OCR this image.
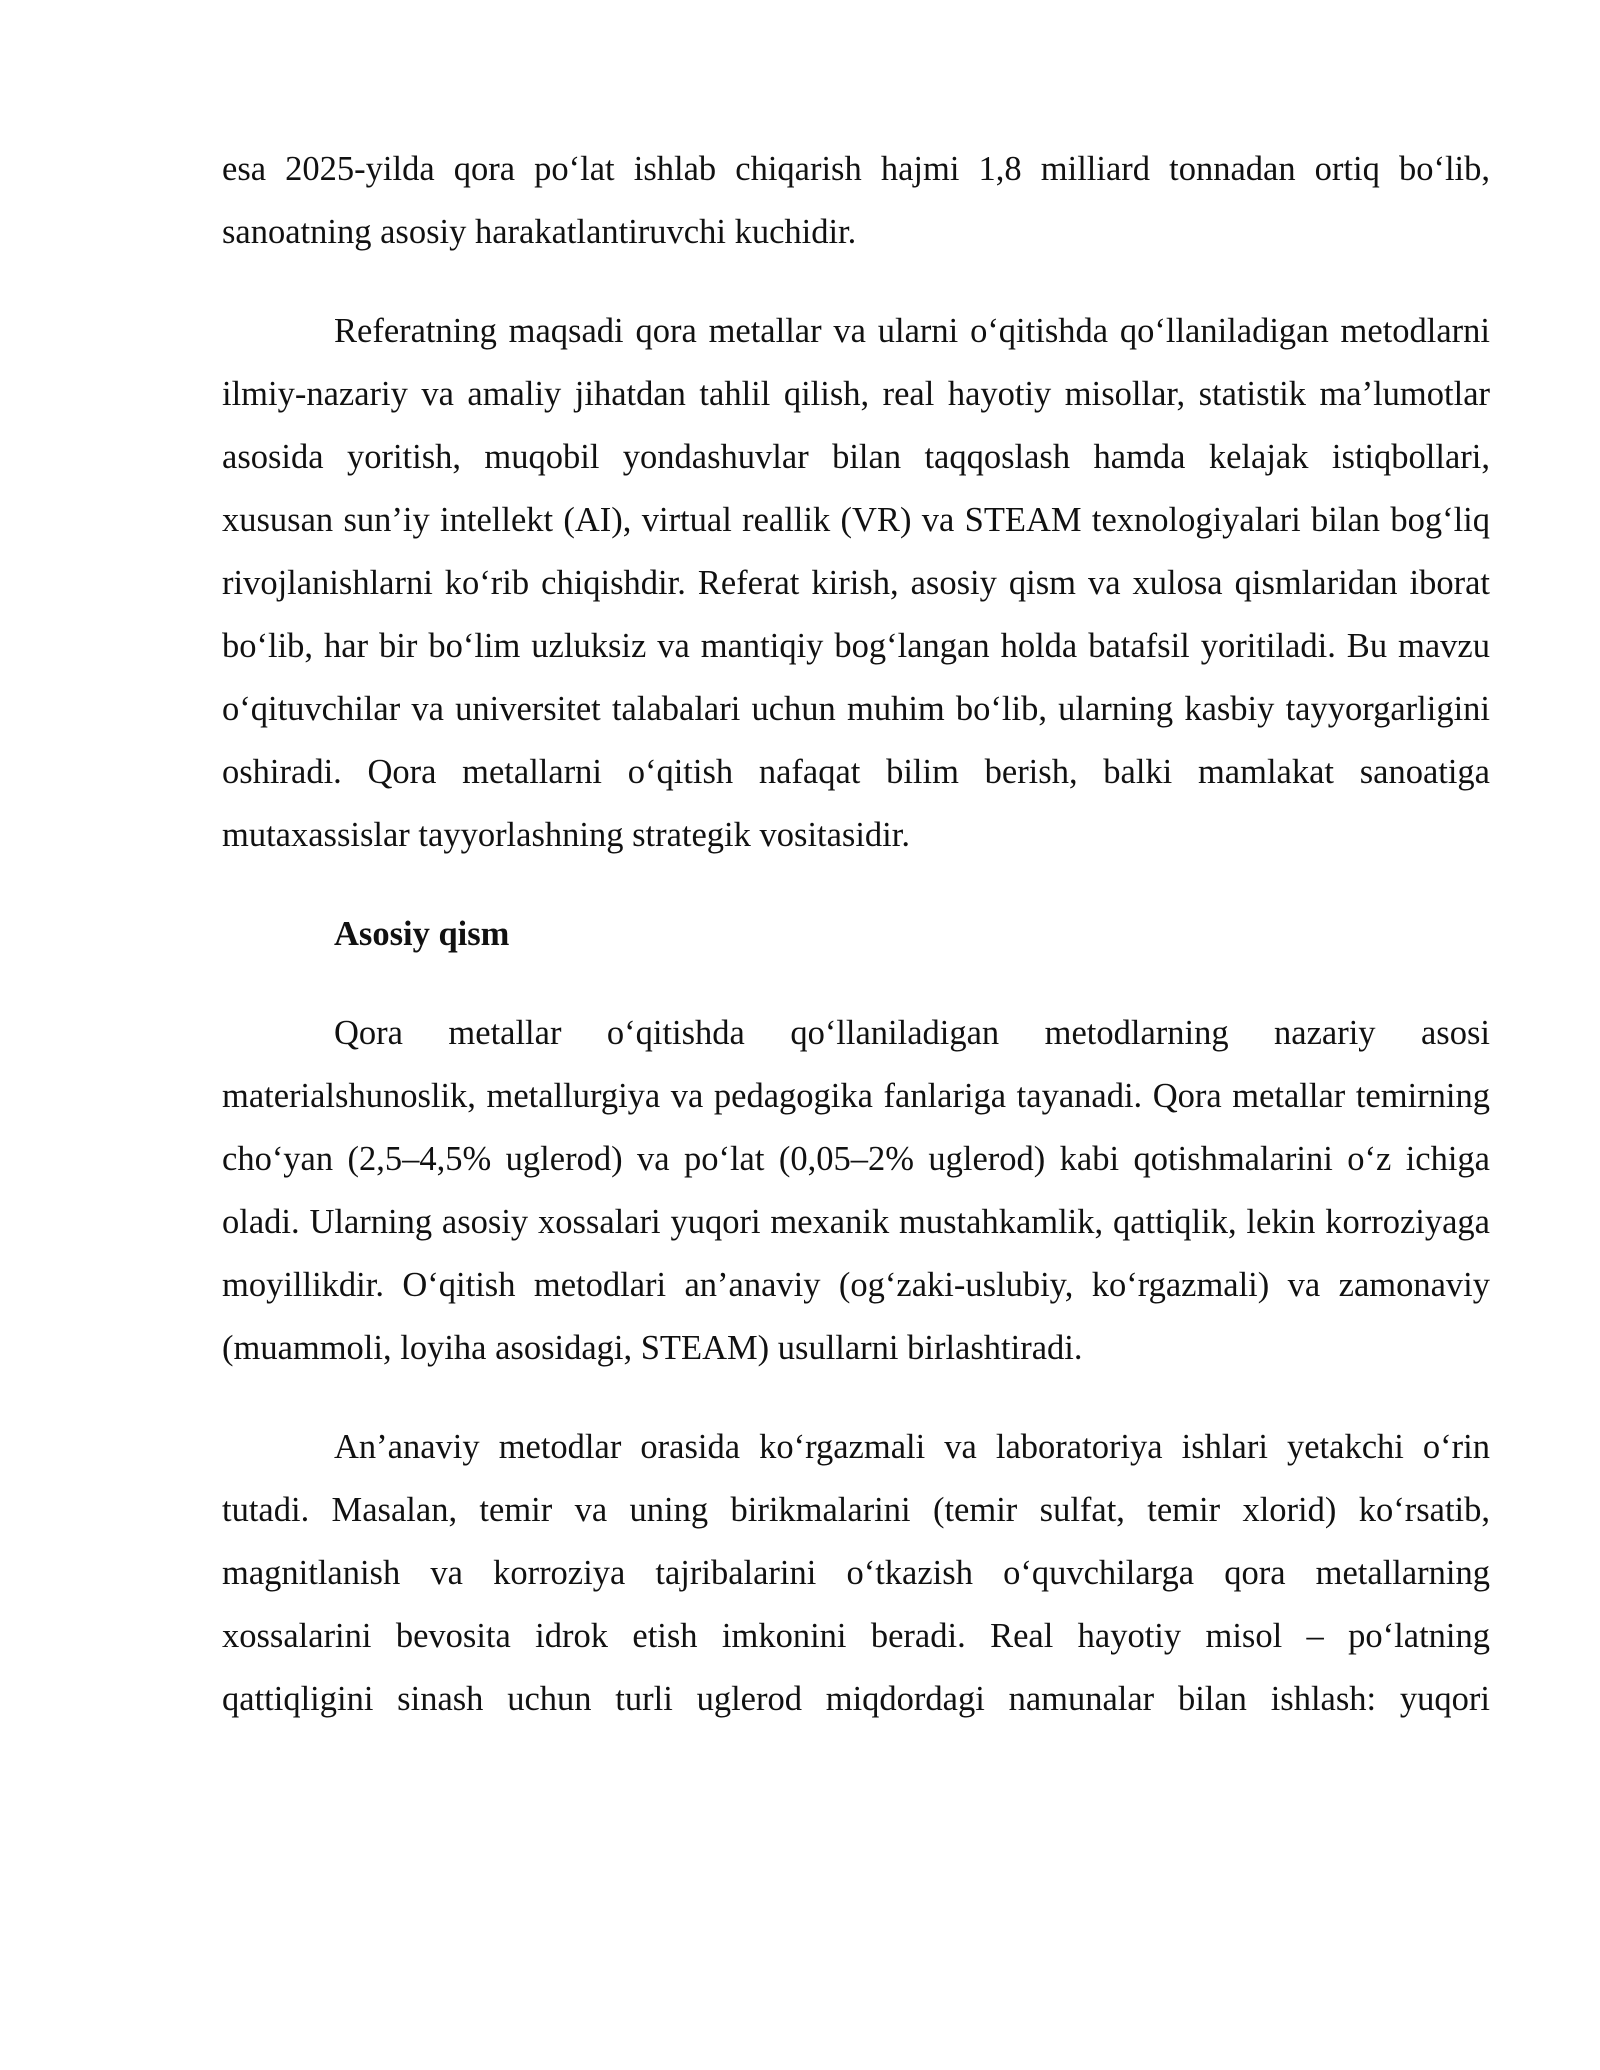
esa 2025-yilda qora po‘lat ishlab chiqarish hajmi 1,8 milliard tonnadan ortiq bo‘lib, sanoatning asosiy harakatlantiruvchi kuchidir.

Referatning maqsadi qora metallar va ularni o‘qitishda qo‘llaniladigan metodlarni ilmiy-nazariy va amaliy jihatdan tahlil qilish, real hayotiy misollar, statistik ma’lumotlar asosida yoritish, muqobil yondashuvlar bilan taqqoslash hamda kelajak istiqbollari, xususan sun’iy intellekt (AI), virtual reallik (VR) va STEAM texnologiyalari bilan bog‘liq rivojlanishlarni ko‘rib chiqishdir. Referat kirish, asosiy qism va xulosa qismlaridan iborat bo‘lib, har bir bo‘lim uzluksiz va mantiqiy bog‘langan holda batafsil yoritiladi. Bu mavzu o‘qituvchilar va universitet talabalari uchun muhim bo‘lib, ularning kasbiy tayyorgarligini oshiradi. Qora metallarni o‘qitish nafaqat bilim berish, balki mamlakat sanoatiga mutaxassislar tayyorlashning strategik vositasidir.

Asosiy qism

Qora metallar o‘qitishda qo‘llaniladigan metodlarning nazariy asosi materialshunoslik, metallurgiya va pedagogika fanlariga tayanadi. Qora metallar temirning cho‘yan (2,5–4,5% uglerod) va po‘lat (0,05–2% uglerod) kabi qotishmalarini o‘z ichiga oladi. Ularning asosiy xossalari yuqori mexanik mustahkamlik, qattiqlik, lekin korroziyaga moyillikdir. O‘qitish metodlari an’anaviy (og‘zaki-uslubiy, ko‘rgazmali) va zamonaviy (muammoli, loyiha asosidagi, STEAM) usullarni birlashtiradi.

An’anaviy metodlar orasida ko‘rgazmali va laboratoriya ishlari yetakchi o‘rin tutadi. Masalan, temir va uning birikmalarini (temir sulfat, temir xlorid) ko‘rsatib, magnitlanish va korroziya tajribalarini o‘tkazish o‘quvchilarga qora metallarning xossalarini bevosita idrok etish imkonini beradi. Real hayotiy misol – po‘latning qattiqligini sinash uchun turli uglerod miqdordagi namunalar bilan ishlash: yuqori
